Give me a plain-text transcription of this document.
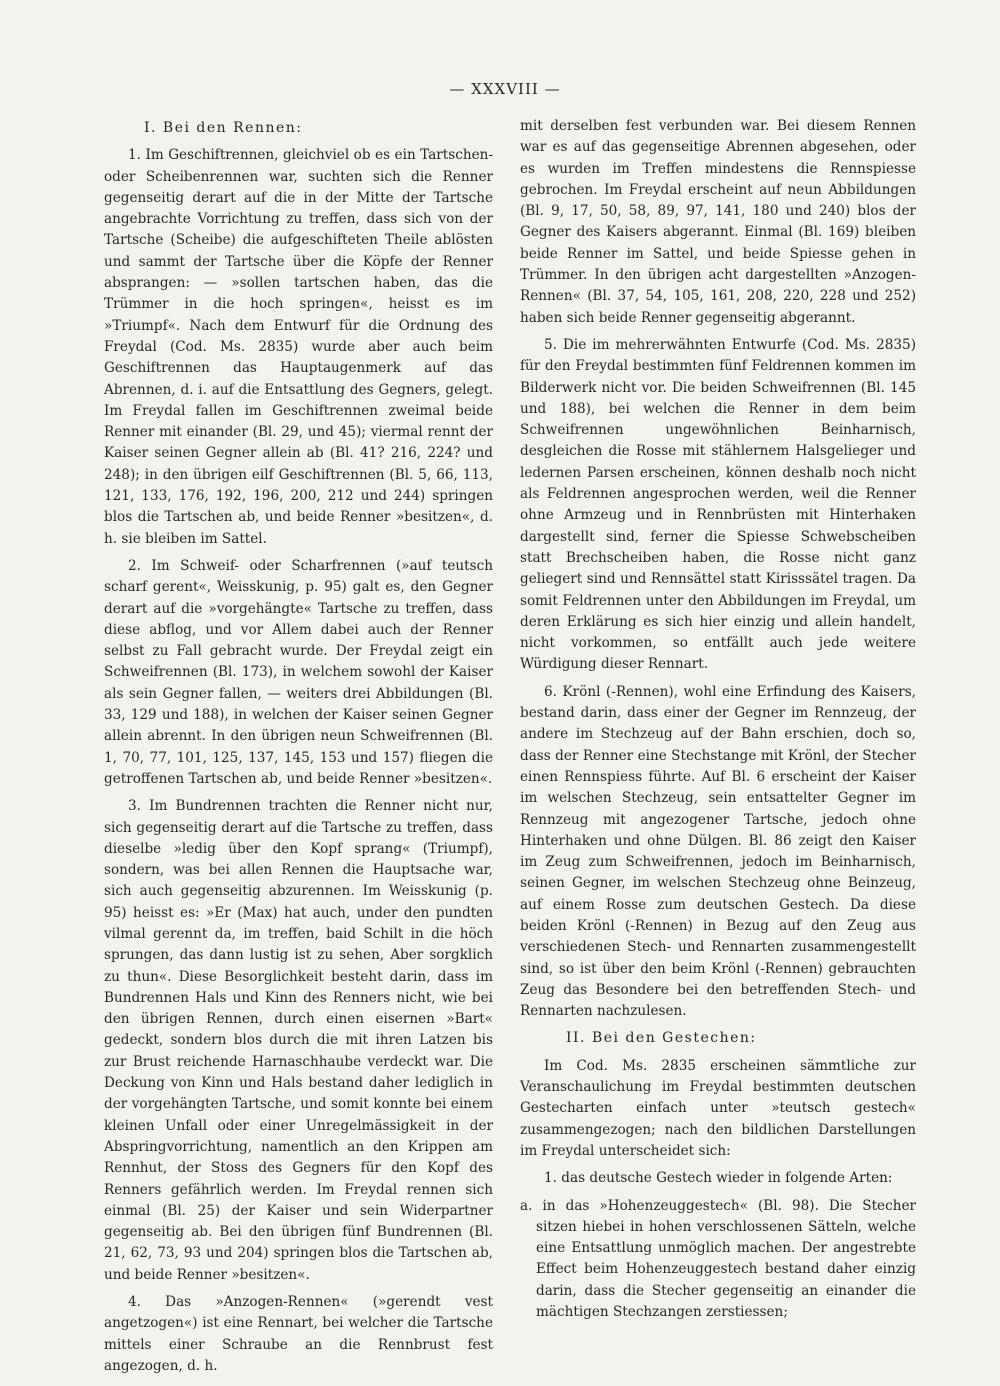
— XXXVIII —
I. Bei den Rennen:

1. Im Geschiftrennen, gleichviel ob es ein Tartschen- oder Scheibenrennen war, suchten sich die Renner gegenseitig derart auf die in der Mitte der Tartsche angebrachte Vorrichtung zu treffen, dass sich von der Tartsche (Scheibe) die aufgeschifteten Theile ablösten und sammt der Tartsche über die Köpfe der Renner absprangen: — »sollen tartschen haben, das die Trümmer in die hoch springen«, heisst es im »Triumpf«. Nach dem Entwurf für die Ordnung des Freydal (Cod. Ms. 2835) wurde aber auch beim Geschiftrennen das Hauptaugenmerk auf das Abrennen, d. i. auf die Entsattlung des Gegners, gelegt. Im Freydal fallen im Geschiftrennen zweimal beide Renner mit einander (Bl. 29, und 45); viermal rennt der Kaiser seinen Gegner allein ab (Bl. 41? 216, 224? und 248); in den übrigen eilf Geschiftrennen (Bl. 5, 66, 113, 121, 133, 176, 192, 196, 200, 212 und 244) springen blos die Tartschen ab, und beide Renner »besitzen«, d. h. sie bleiben im Sattel.

2. Im Schweif- oder Scharfrennen (»auf teutsch scharf gerent«, Weisskunig, p. 95) galt es, den Gegner derart auf die »vorgehängte« Tartsche zu treffen, dass diese abflog, und vor Allem dabei auch der Renner selbst zu Fall gebracht wurde. Der Freydal zeigt ein Schweifrennen (Bl. 173), in welchem sowohl der Kaiser als sein Gegner fallen, — weiters drei Abbildungen (Bl. 33, 129 und 188), in welchen der Kaiser seinen Gegner allein abrennt. In den übrigen neun Schweifrennen (Bl. 1, 70, 77, 101, 125, 137, 145, 153 und 157) fliegen die getroffenen Tartschen ab, und beide Renner »besitzen«.

3. Im Bundrennen trachten die Renner nicht nur, sich gegenseitig derart auf die Tartsche zu treffen, dass dieselbe »ledig über den Kopf sprang« (Triumpf), sondern, was bei allen Rennen die Hauptsache war, sich auch gegenseitig abzurennen. Im Weisskunig (p. 95) heisst es: »Er (Max) hat auch, under den pundten vilmal gerennt da, im treffen, baid Schilt in die höch sprungen, das dann lustig ist zu sehen, Aber sorgklich zu thun«. Diese Besorglichkeit besteht darin, dass im Bundrennen Hals und Kinn des Renners nicht, wie bei den übrigen Rennen, durch einen eisernen »Bart« gedeckt, sondern blos durch die mit ihren Latzen bis zur Brust reichende Harnaschhaube verdeckt war. Die Deckung von Kinn und Hals bestand daher lediglich in der vorgehängten Tartsche, und somit konnte bei einem kleinen Unfall oder einer Unregelmässigkeit in der Abspringvorrichtung, namentlich an den Krippen am Rennhut, der Stoss des Gegners für den Kopf des Renners gefährlich werden. Im Freydal rennen sich einmal (Bl. 25) der Kaiser und sein Widerpartner gegenseitig ab. Bei den übrigen fünf Bundrennen (Bl. 21, 62, 73, 93 und 204) springen blos die Tartschen ab, und beide Renner »besitzen«.

4. Das »Anzogen-Rennen« (»gerendt vest angetzogen«) ist eine Rennart, bei welcher die Tartsche mittels einer Schraube an die Rennbrust fest angezogen, d. h.

mit derselben fest verbunden war. Bei diesem Rennen war es auf das gegenseitige Abrennen abgesehen, oder es wurden im Treffen mindestens die Rennspiesse gebrochen. Im Freydal erscheint auf neun Abbildungen (Bl. 9, 17, 50, 58, 89, 97, 141, 180 und 240) blos der Gegner des Kaisers abgerannt. Einmal (Bl. 169) bleiben beide Renner im Sattel, und beide Spiesse gehen in Trümmer. In den übrigen acht dargestellten »Anzogen-Rennen« (Bl. 37, 54, 105, 161, 208, 220, 228 und 252) haben sich beide Renner gegenseitig abgerannt.

5. Die im mehrerwähnten Entwurfe (Cod. Ms. 2835) für den Freydal bestimmten fünf Feldrennen kommen im Bilderwerk nicht vor. Die beiden Schweifrennen (Bl. 145 und 188), bei welchen die Renner in dem beim Schweifrennen ungewöhnlichen Beinharnisch, desgleichen die Rosse mit stählernem Halsgelieger und ledernen Parsen erscheinen, können deshalb noch nicht als Feldrennen angesprochen werden, weil die Renner ohne Armzeug und in Rennbrüsten mit Hinterhaken dargestellt sind, ferner die Spiesse Schwebscheiben statt Brechscheiben haben, die Rosse nicht ganz geliegert sind und Rennsättel statt Kirisssätel tragen. Da somit Feldrennen unter den Abbildungen im Freydal, um deren Erklärung es sich hier einzig und allein handelt, nicht vorkommen, so entfällt auch jede weitere Würdigung dieser Rennart.

6. Krönl (-Rennen), wohl eine Erfindung des Kaisers, bestand darin, dass einer der Gegner im Rennzeug, der andere im Stechzeug auf der Bahn erschien, doch so, dass der Renner eine Stechstange mit Krönl, der Stecher einen Rennspiess führte. Auf Bl. 6 erscheint der Kaiser im welschen Stechzeug, sein entsattelter Gegner im Rennzeug mit angezogener Tartsche, jedoch ohne Hinterhaken und ohne Dülgen. Bl. 86 zeigt den Kaiser im Zeug zum Schweifrennen, jedoch im Beinharnisch, seinen Gegner, im welschen Stechzeug ohne Beinzeug, auf einem Rosse zum deutschen Gestech. Da diese beiden Krönl (-Rennen) in Bezug auf den Zeug aus verschiedenen Stech- und Rennarten zusammengestellt sind, so ist über den beim Krönl (-Rennen) gebrauchten Zeug das Besondere bei den betreffenden Stech- und Rennarten nachzulesen.

II. Bei den Gestechen:

Im Cod. Ms. 2835 erscheinen sämmtliche zur Veranschaulichung im Freydal bestimmten deutschen Gestecharten einfach unter »teutsch gestech« zusammengezogen; nach den bildlichen Darstellungen im Freydal unterscheidet sich:

1. das deutsche Gestech wieder in folgende Arten:

a. in das »Hohenzeuggestech« (Bl. 98). Die Stecher sitzen hiebei in hohen verschlossenen Sätteln, welche eine Entsattlung unmöglich machen. Der angestrebte Effect beim Hohenzeuggestech bestand daher einzig darin, dass die Stecher gegenseitig an einander die mächtigen Stechzangen zerstiessen;
